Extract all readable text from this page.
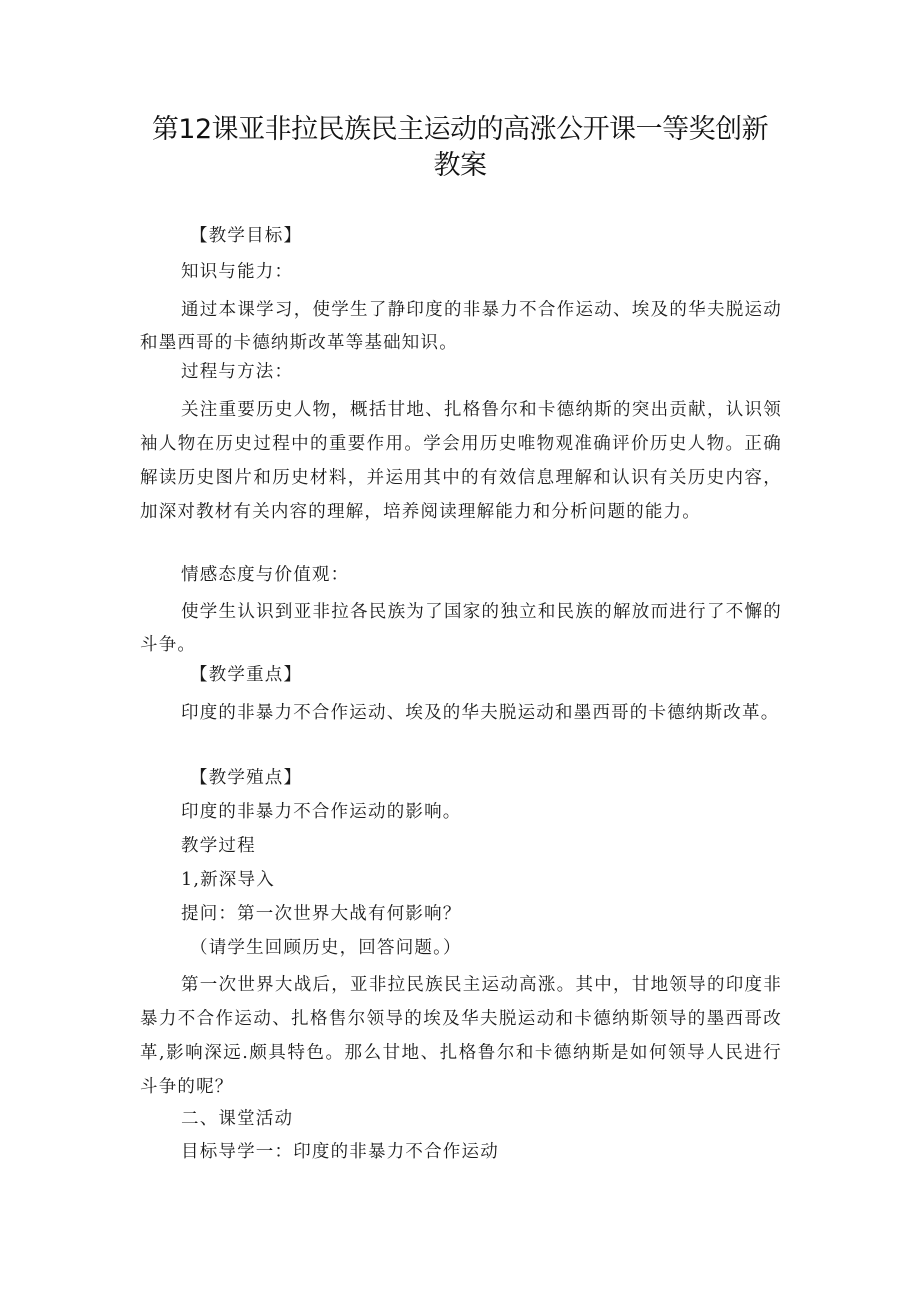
第12课亚非拉民族民主运动的高涨公开课一等奖创新教案

【教学目标】

知识与能力：

通过本课学习，使学生了静印度的非暴力不合作运动、埃及的华夫脱运动和墨西哥的卡德纳斯改革等基础知识。

过程与方法：

关注重要历史人物，概括甘地、扎格鲁尔和卡德纳斯的突出贡献，认识领袖人物在历史过程中的重要作用。学会用历史唯物观准确评价历史人物。正确解读历史图片和历史材料，并运用其中的有效信息理解和认识有关历史内容，加深对教材有关内容的理解，培养阅读理解能力和分析问题的能力。

情感态度与价值观：

使学生认识到亚非拉各民族为了国家的独立和民族的解放而进行了不懈的斗争。

【教学重点】

印度的非暴力不合作运动、埃及的华夫脱运动和墨西哥的卡德纳斯改革。

【教学殖点】

印度的非暴力不合作运动的影响。

教学过程

1,新深导入

提问：第一次世界大战有何影响？

（请学生回顾历史，回答问题。）

第一次世界大战后，亚非拉民族民主运动高涨。其中，甘地领导的印度非暴力不合作运动、扎格售尔领导的埃及华夫脱运动和卡德纳斯领导的墨西哥改革,影响深远.颇具特色。那么甘地、扎格鲁尔和卡德纳斯是如何领导人民进行斗争的呢？

二、课堂活动

目标导学一：印度的非暴力不合作运动
